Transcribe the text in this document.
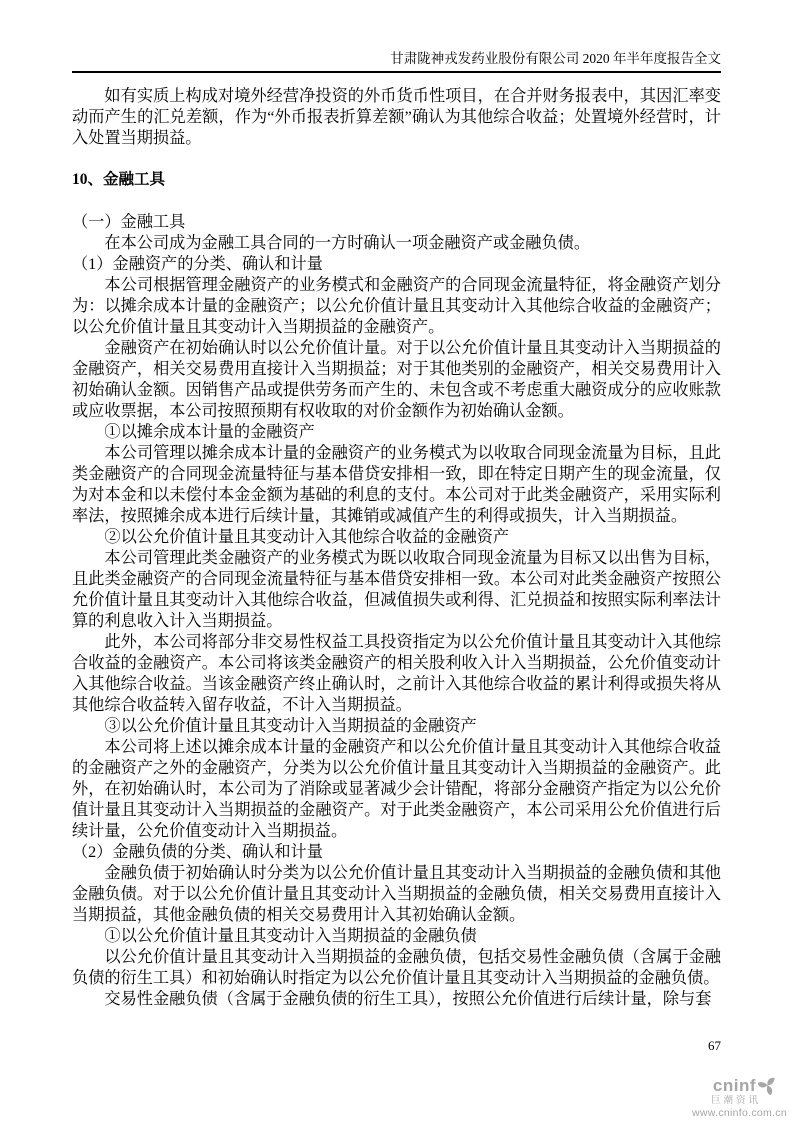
甘肃陇神戎发药业股份有限公司 2020 年半年度报告全文

如有实质上构成对境外经营净投资的外币货币性项目，在合并财务报表中，其因汇率变动而产生的汇兑差额，作为“外币报表折算差额”确认为其他综合收益；处置境外经营时，计入处置当期损益。

10、金融工具

（一）金融工具

在本公司成为金融工具合同的一方时确认一项金融资产或金融负债。

（1）金融资产的分类、确认和计量

本公司根据管理金融资产的业务模式和金融资产的合同现金流量特征，将金融资产划分为：以摊余成本计量的金融资产；以公允价值计量且其变动计入其他综合收益的金融资产；以公允价值计量且其变动计入当期损益的金融资产。

金融资产在初始确认时以公允价值计量。对于以公允价值计量且其变动计入当期损益的金融资产，相关交易费用直接计入当期损益；对于其他类别的金融资产，相关交易费用计入初始确认金额。因销售产品或提供劳务而产生的、未包含或不考虑重大融资成分的应收账款或应收票据，本公司按照预期有权收取的对价金额作为初始确认金额。

①以摊余成本计量的金融资产

本公司管理以摊余成本计量的金融资产的业务模式为以收取合同现金流量为目标，且此类金融资产的合同现金流量特征与基本借贷安排相一致，即在特定日期产生的现金流量，仅为对本金和以未偿付本金金额为基础的利息的支付。本公司对于此类金融资产，采用实际利率法，按照摊余成本进行后续计量，其摊销或减值产生的利得或损失，计入当期损益。

②以公允价值计量且其变动计入其他综合收益的金融资产

本公司管理此类金融资产的业务模式为既以收取合同现金流量为目标又以出售为目标，且此类金融资产的合同现金流量特征与基本借贷安排相一致。本公司对此类金融资产按照公允价值计量且其变动计入其他综合收益，但减值损失或利得、汇兑损益和按照实际利率法计算的利息收入计入当期损益。

此外，本公司将部分非交易性权益工具投资指定为以公允价值计量且其变动计入其他综合收益的金融资产。本公司将该类金融资产的相关股利收入计入当期损益，公允价值变动计入其他综合收益。当该金融资产终止确认时，之前计入其他综合收益的累计利得或损失将从其他综合收益转入留存收益，不计入当期损益。

③以公允价值计量且其变动计入当期损益的金融资产

本公司将上述以摊余成本计量的金融资产和以公允价值计量且其变动计入其他综合收益的金融资产之外的金融资产，分类为以公允价值计量且其变动计入当期损益的金融资产。此外，在初始确认时，本公司为了消除或显著减少会计错配，将部分金融资产指定为以公允价值计量且其变动计入当期损益的金融资产。对于此类金融资产，本公司采用公允价值进行后续计量，公允价值变动计入当期损益。

（2）金融负债的分类、确认和计量

金融负债于初始确认时分类为以公允价值计量且其变动计入当期损益的金融负债和其他金融负债。对于以公允价值计量且其变动计入当期损益的金融负债，相关交易费用直接计入当期损益，其他金融负债的相关交易费用计入其初始确认金额。

①以公允价值计量且其变动计入当期损益的金融负债

以公允价值计量且其变动计入当期损益的金融负债，包括交易性金融负债（含属于金融负债的衍生工具）和初始确认时指定为以公允价值计量且其变动计入当期损益的金融负债。

交易性金融负债（含属于金融负债的衍生工具），按照公允价值进行后续计量，除与套

67
cninf
巨潮资讯
www.cninfo.com.cn
